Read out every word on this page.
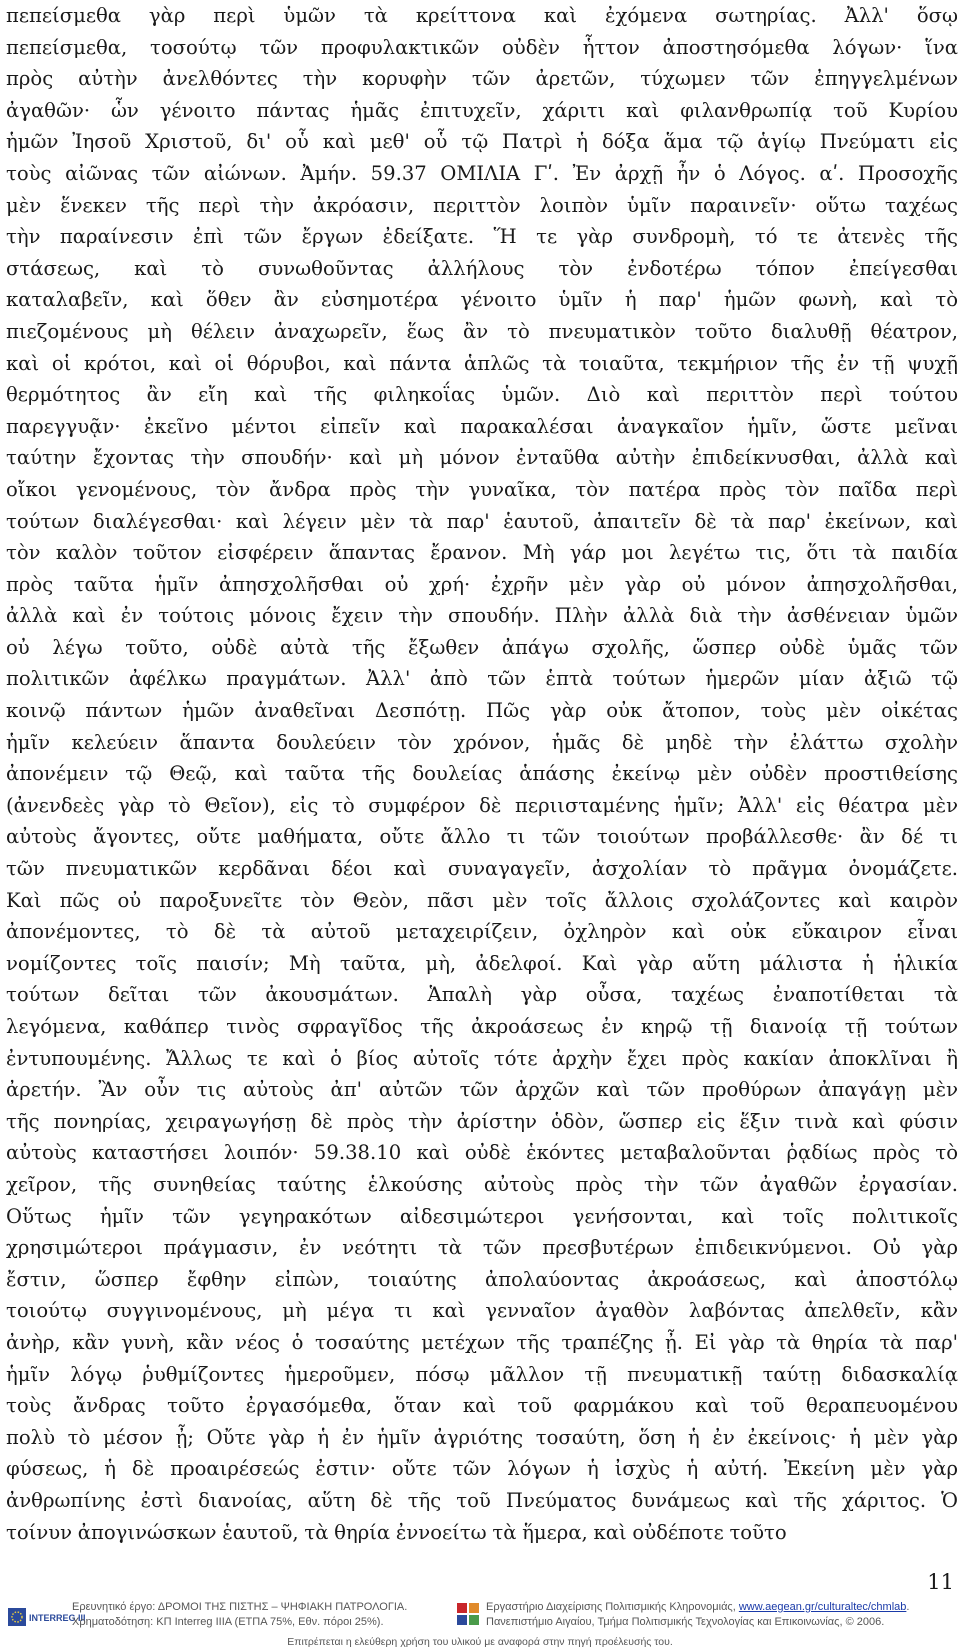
πεπείσμεθα γὰρ περὶ ὑμῶν τὰ κρείττονα καὶ ἐχόμενα σωτηρίας. Ἀλλ' ὅσῳ
πεπείσμεθα, τοσούτῳ τῶν προφυλακτικῶν οὐδὲν ἧττον ἀποστησόμεθα λόγων· ἵνα
πρὸς αὐτὴν ἀνελθόντες τὴν κορυφὴν τῶν ἀρετῶν, τύχωμεν τῶν ἐπηγγελμένων
ἀγαθῶν· ὧν γένοιτο πάντας ἡμᾶς ἐπιτυχεῖν, χάριτι καὶ φιλανθρωπίᾳ τοῦ Κυρίου
ἡμῶν Ἰησοῦ Χριστοῦ, δι' οὗ καὶ μεθ' οὗ τῷ Πατρὶ ἡ δόξα ἅμα τῷ ἁγίῳ Πνεύματι εἰς
τοὺς αἰῶνας τῶν αἰώνων. Ἀμήν. 59.37 ΟΜΙΛΙΑ Γʹ. Ἐν ἀρχῇ ἦν ὁ Λόγος. αʹ. Προσοχῆς
μὲν ἕνεκεν τῆς περὶ τὴν ἀκρόασιν, περιττὸν λοιπὸν ὑμῖν παραινεῖν· οὕτω ταχέως
τὴν παραίνεσιν ἐπὶ τῶν ἔργων ἐδείξατε. Ἥ τε γὰρ συνδρομὴ, τό τε ἀτενὲς τῆς
στάσεως, καὶ τὸ συνωθοῦντας ἀλλήλους τὸν ἐνδοτέρω τόπον ἐπείγεσθαι
καταλαβεῖν, καὶ ὅθεν ἂν εὐσημοτέρα γένοιτο ὑμῖν ἡ παρ' ἡμῶν φωνὴ, καὶ τὸ
πιεζομένους μὴ θέλειν ἀναχωρεῖν, ἕως ἂν τὸ πνευματικὸν τοῦτο διαλυθῇ θέατρον,
καὶ οἱ κρότοι, καὶ οἱ θόρυβοι, καὶ πάντα ἁπλῶς τὰ τοιαῦτα, τεκμήριον τῆς ἐν τῇ ψυχῇ
θερμότητος ἂν εἴη καὶ τῆς φιληκοΐας ὑμῶν. Διὸ καὶ περιττὸν περὶ τούτου
παρεγγυᾷν· ἐκεῖνο μέντοι εἰπεῖν καὶ παρακαλέσαι ἀναγκαῖον ἡμῖν, ὥστε μεῖναι
ταύτην ἔχοντας τὴν σπουδήν· καὶ μὴ μόνον ἐνταῦθα αὐτὴν ἐπιδείκνυσθαι, ἀλλὰ καὶ
οἴκοι γενομένους, τὸν ἄνδρα πρὸς τὴν γυναῖκα, τὸν πατέρα πρὸς τὸν παῖδα περὶ
τούτων διαλέγεσθαι· καὶ λέγειν μὲν τὰ παρ' ἑαυτοῦ, ἀπαιτεῖν δὲ τὰ παρ' ἐκείνων, καὶ
τὸν καλὸν τοῦτον εἰσφέρειν ἅπαντας ἔρανον. Μὴ γάρ μοι λεγέτω τις, ὅτι τὰ παιδία
πρὸς ταῦτα ἡμῖν ἀπησχολῆσθαι οὐ χρή· ἐχρῆν μὲν γὰρ οὐ μόνον ἀπησχολῆσθαι,
ἀλλὰ καὶ ἐν τούτοις μόνοις ἔχειν τὴν σπουδήν. Πλὴν ἀλλὰ διὰ τὴν ἀσθένειαν ὑμῶν
οὐ λέγω τοῦτο, οὐδὲ αὐτὰ τῆς ἔξωθεν ἀπάγω σχολῆς, ὥσπερ οὐδὲ ὑμᾶς τῶν
πολιτικῶν ἀφέλκω πραγμάτων. Ἀλλ' ἀπὸ τῶν ἑπτὰ τούτων ἡμερῶν μίαν ἀξιῶ τῷ
κοινῷ πάντων ἡμῶν ἀναθεῖναι Δεσπότῃ. Πῶς γὰρ οὐκ ἄτοπον, τοὺς μὲν οἰκέτας
ἡμῖν κελεύειν ἅπαντα δουλεύειν τὸν χρόνον, ἡμᾶς δὲ μηδὲ τὴν ἐλάττω σχολὴν
ἀπονέμειν τῷ Θεῷ, καὶ ταῦτα τῆς δουλείας ἁπάσης ἐκείνῳ μὲν οὐδὲν προστιθείσης
(ἀνενδεὲς γὰρ τὸ Θεῖον), εἰς τὸ συμφέρον δὲ περιισταμένης ἡμῖν; Ἀλλ' εἰς θέατρα μὲν
αὐτοὺς ἄγοντες, οὔτε μαθήματα, οὔτε ἄλλο τι τῶν τοιούτων προβάλλεσθε· ἂν δέ τι
τῶν πνευματικῶν κερδᾶναι δέοι καὶ συναγαγεῖν, ἀσχολίαν τὸ πρᾶγμα ὀνομάζετε.
Καὶ πῶς οὐ παροξυνεῖτε τὸν Θεὸν, πᾶσι μὲν τοῖς ἄλλοις σχολάζοντες καὶ καιρὸν
ἀπονέμοντες, τὸ δὲ τὰ αὐτοῦ μεταχειρίζειν, ὀχληρὸν καὶ οὐκ εὔκαιρον εἶναι
νομίζοντες τοῖς παισίν; Μὴ ταῦτα, μὴ, ἀδελφοί. Καὶ γὰρ αὕτη μάλιστα ἡ ἡλικία
τούτων δεῖται τῶν ἀκουσμάτων. Ἁπαλὴ γὰρ οὖσα, ταχέως ἐναποτίθεται τὰ
λεγόμενα, καθάπερ τινὸς σφραγῖδος τῆς ἀκροάσεως ἐν κηρῷ τῇ διανοίᾳ τῇ τούτων
ἐντυπουμένης. Ἄλλως τε καὶ ὁ βίος αὐτοῖς τότε ἀρχὴν ἔχει πρὸς κακίαν ἀποκλῖναι ἢ
ἀρετήν. Ἂν οὖν τις αὐτοὺς ἀπ' αὐτῶν τῶν ἀρχῶν καὶ τῶν προθύρων ἀπαγάγῃ μὲν
τῆς πονηρίας, χειραγωγήσῃ δὲ πρὸς τὴν ἀρίστην ὁδὸν, ὥσπερ εἰς ἕξιν τινὰ καὶ φύσιν
αὐτοὺς καταστήσει λοιπόν· 59.38.10 καὶ οὐδὲ ἑκόντες μεταβαλοῦνται ῥᾳδίως πρὸς τὸ
χεῖρον, τῆς συνηθείας ταύτης ἑλκούσης αὐτοὺς πρὸς τὴν τῶν ἀγαθῶν ἐργασίαν.
Οὕτως ἡμῖν τῶν γεγηρακότων αἰδεσιμώτεροι γενήσονται, καὶ τοῖς πολιτικοῖς
χρησιμώτεροι πράγμασιν, ἐν νεότητι τὰ τῶν πρεσβυτέρων ἐπιδεικνύμενοι. Οὐ γὰρ
ἔστιν, ὥσπερ ἔφθην εἰπὼν, τοιαύτης ἀπολαύοντας ἀκροάσεως, καὶ ἀποστόλῳ
τοιούτῳ συγγινομένους, μὴ μέγα τι καὶ γενναῖον ἀγαθὸν λαβόντας ἀπελθεῖν, κἂν
ἀνὴρ, κἂν γυνὴ, κἂν νέος ὁ τοσαύτης μετέχων τῆς τραπέζης ᾖ. Εἰ γὰρ τὰ θηρία τὰ παρ'
ἡμῖν λόγῳ ῥυθμίζοντες ἡμεροῦμεν, πόσῳ μᾶλλον τῇ πνευματικῇ ταύτῃ διδασκαλίᾳ
τοὺς ἄνδρας τοῦτο ἐργασόμεθα, ὅταν καὶ τοῦ φαρμάκου καὶ τοῦ θεραπευομένου
πολὺ τὸ μέσον ᾖ; Οὔτε γὰρ ἡ ἐν ἡμῖν ἀγριότης τοσαύτη, ὅση ἡ ἐν ἐκείνοις· ἡ μὲν γὰρ
φύσεως, ἡ δὲ προαιρέσεώς ἐστιν· οὔτε τῶν λόγων ἡ ἰσχὺς ἡ αὐτή. Ἐκείνη μὲν γὰρ
ἀνθρωπίνης ἐστὶ διανοίας, αὕτη δὲ τῆς τοῦ Πνεύματος δυνάμεως καὶ τῆς χάριτος. Ὁ
τοίνυν ἀπογινώσκων ἑαυτοῦ, τὰ θηρία ἐννοείτω τὰ ἥμερα, καὶ οὐδέποτε τοῦτο

11
INTERREG III
Ερευνητικό έργο: ΔΡΟΜΟΙ ΤΗΣ ΠΙΣΤΗΣ – ΨΗΦΙΑΚΗ ΠΑΤΡΟΛΟΓΙΑ.
Χρηματοδότηση: ΚΠ Interreg IIIA (ΕΤΠΑ 75%, Εθν. πόροι 25%).
Εργαστήριο Διαχείρισης Πολιτισμικής Κληρονομιάς, www.aegean.gr/culturaltec/chmlab.
Πανεπιστήμιο Αιγαίου, Τμήμα Πολιτισμικής Τεχνολογίας και Επικοινωνίας, © 2006.
Επιτρέπεται η ελεύθερη χρήση του υλικού με αναφορά στην πηγή προέλευσής του.
